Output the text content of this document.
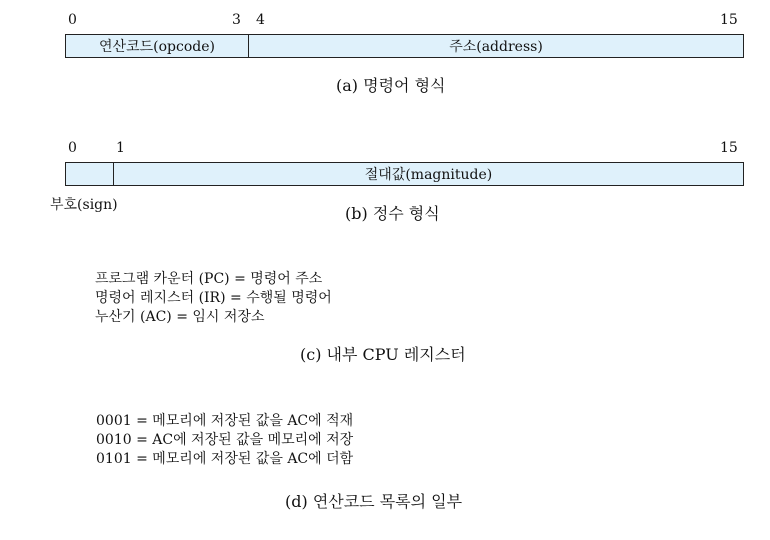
0	3 4	15
연산코드(opcode)	주소(address)
(a) 명령어 형식
0	1	15
절대값(magnitude)
부호(sign)	(b) 정수 형식
프로그램 카운터 (PC) = 명령어 주소
명령어 레지스터 (IR) = 수행될 명령어
누산기 (AC) = 임시 저장소
(c) 내부 CPU 레지스터
0001 = 메모리에 저장된 값을 AC에 적재
0010 = AC에 저장된 값을 메모리에 저장
0101 = 메모리에 저장된 값을 AC에 더함
(d) 연산코드 목록의 일부
